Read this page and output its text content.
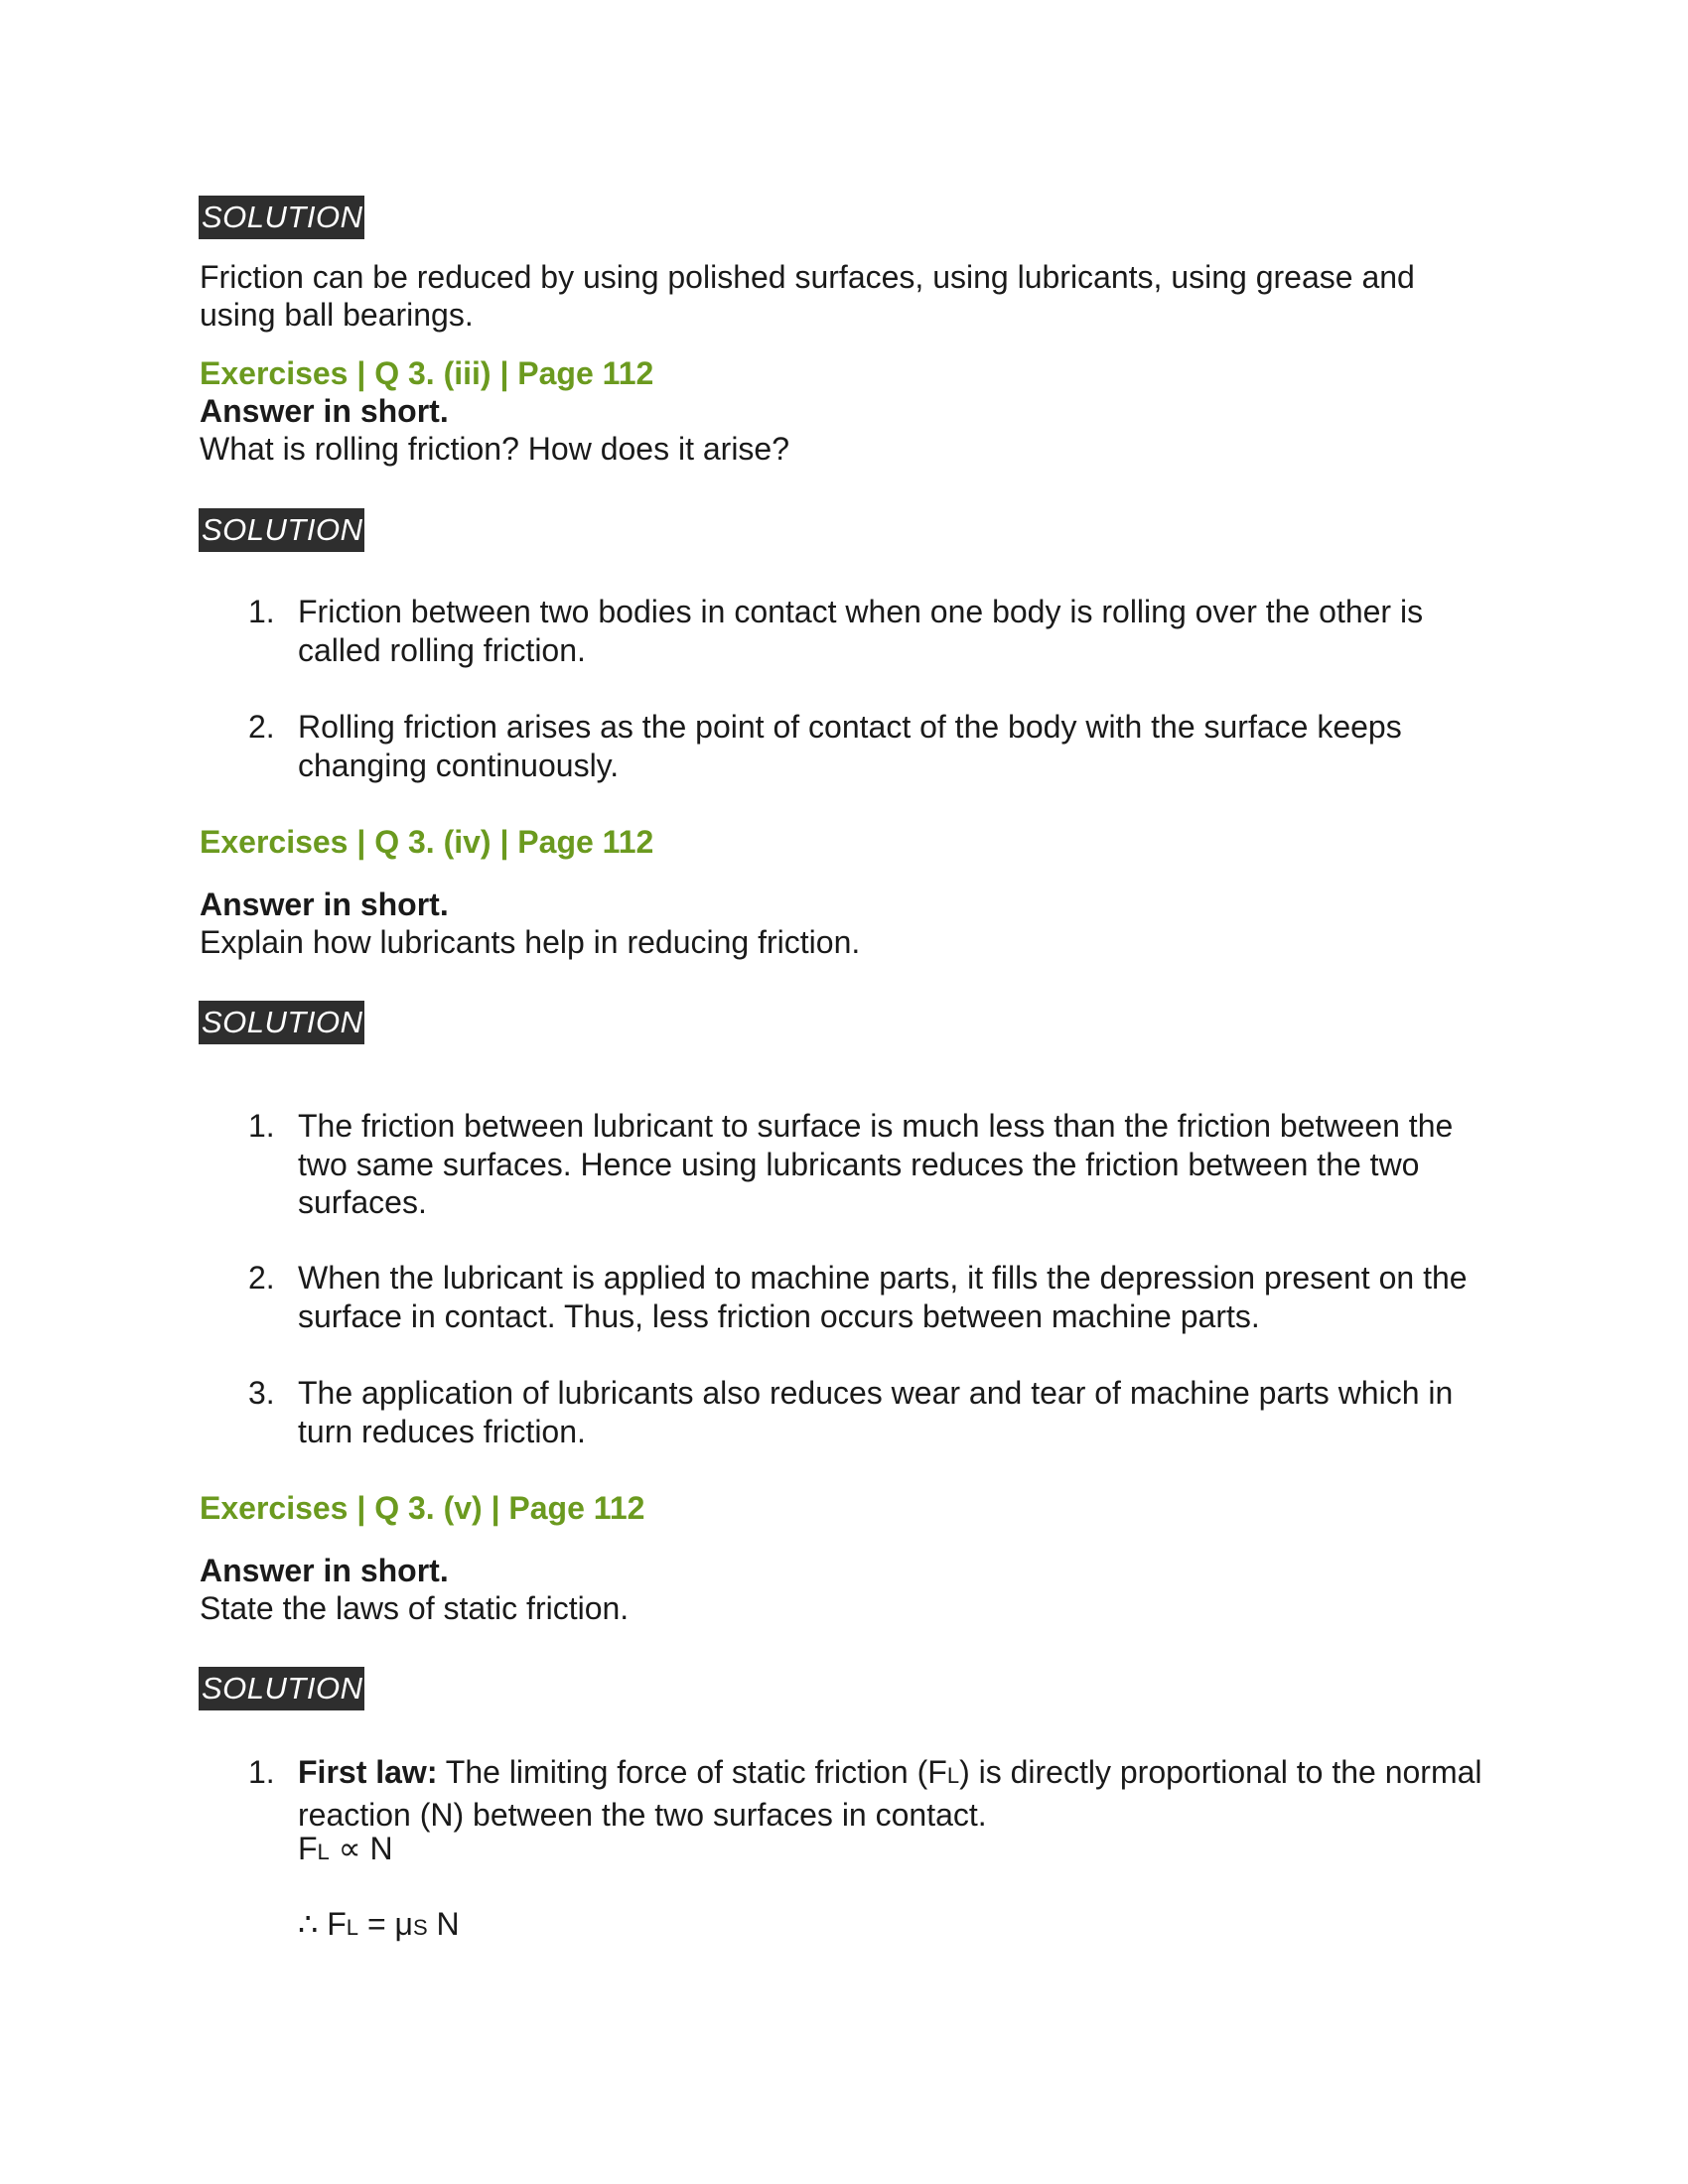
SOLUTION

Friction can be reduced by using polished surfaces, using lubricants, using grease and using ball bearings.

Exercises | Q 3. (iii) | Page 112

Answer in short.
What is rolling friction? How does it arise?
SOLUTION
1. Friction between two bodies in contact when one body is rolling over the other is called rolling friction.
2. Rolling friction arises as the point of contact of the body with the surface keeps changing continuously.

Exercises | Q 3. (iv) | Page 112

Answer in short.
Explain how lubricants help in reducing friction.
SOLUTION
1. The friction between lubricant to surface is much less than the friction between the two same surfaces. Hence using lubricants reduces the friction between the two surfaces.
2. When the lubricant is applied to machine parts, it fills the depression present on the surface in contact. Thus, less friction occurs between machine parts.
3. The application of lubricants also reduces wear and tear of machine parts which in turn reduces friction.

Exercises | Q 3. (v) | Page 112

Answer in short.
State the laws of static friction.
SOLUTION
1. First law: The limiting force of static friction (FL) is directly proportional to the normal reaction (N) between the two surfaces in contact.
FL ∝ N
∴ FL = μS N
